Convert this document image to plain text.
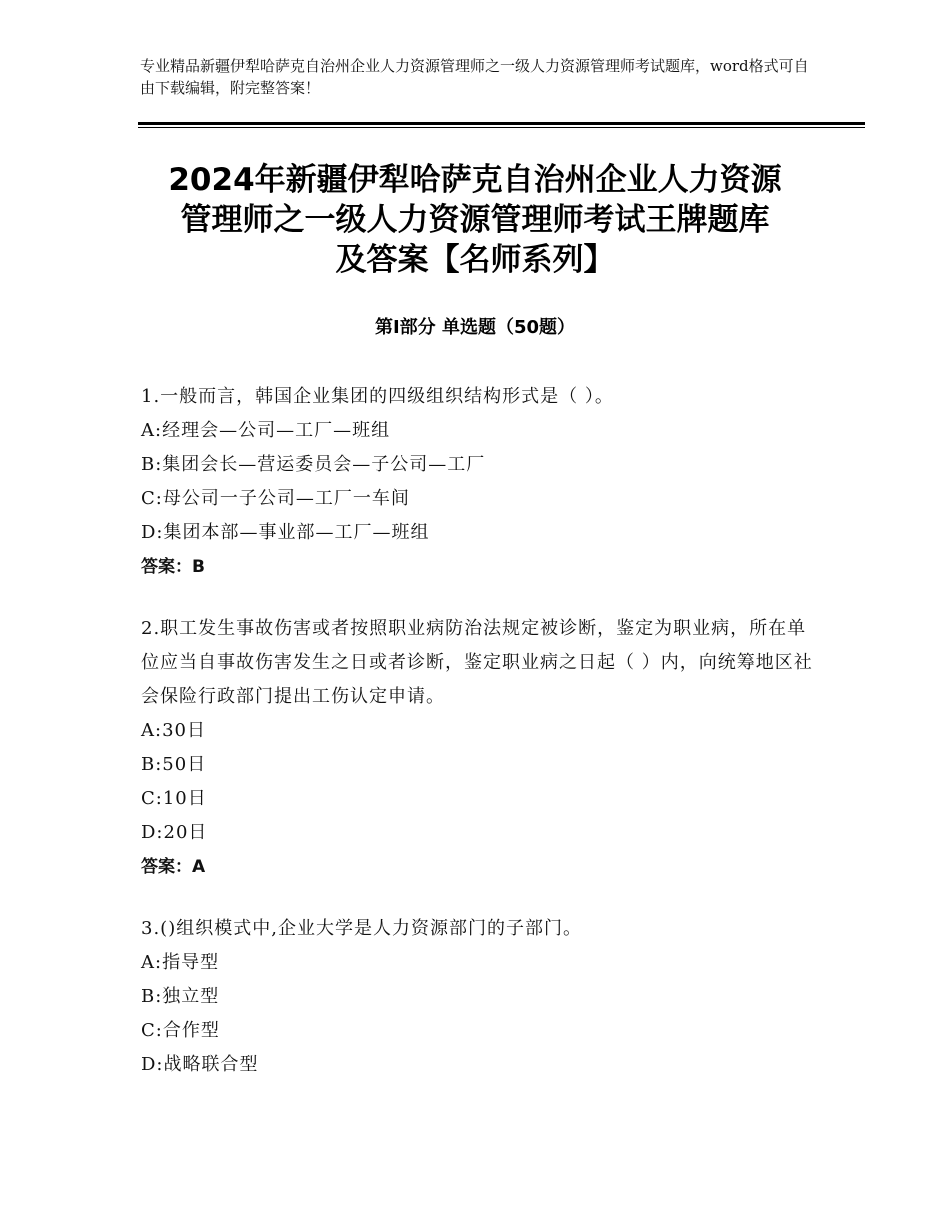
专业精品新疆伊犁哈萨克自治州企业人力资源管理师之一级人力资源管理师考试题库，word格式可自由下载编辑，附完整答案！
2024年新疆伊犁哈萨克自治州企业人力资源
管理师之一级人力资源管理师考试王牌题库
及答案【名师系列】
第Ⅰ部分 单选题（50题）

1.一般而言，韩国企业集团的四级组织结构形式是（ ）。

A:经理会—公司—工厂—班组

B:集团会长—营运委员会—子公司—工厂

C:母公司一子公司—工厂一车间

D:集团本部—事业部—工厂—班组

答案：B

2.职工发生事故伤害或者按照职业病防治法规定被诊断，鉴定为职业病，所在单位应当自事故伤害发生之日或者诊断，鉴定职业病之日起（ ）内，向统筹地区社会保险行政部门提出工伤认定申请。

A:30日

B:50日

C:10日

D:20日

答案：A

3.()组织模式中,企业大学是人力资源部门的子部门。

A:指导型

B:独立型

C:合作型

D:战略联合型
